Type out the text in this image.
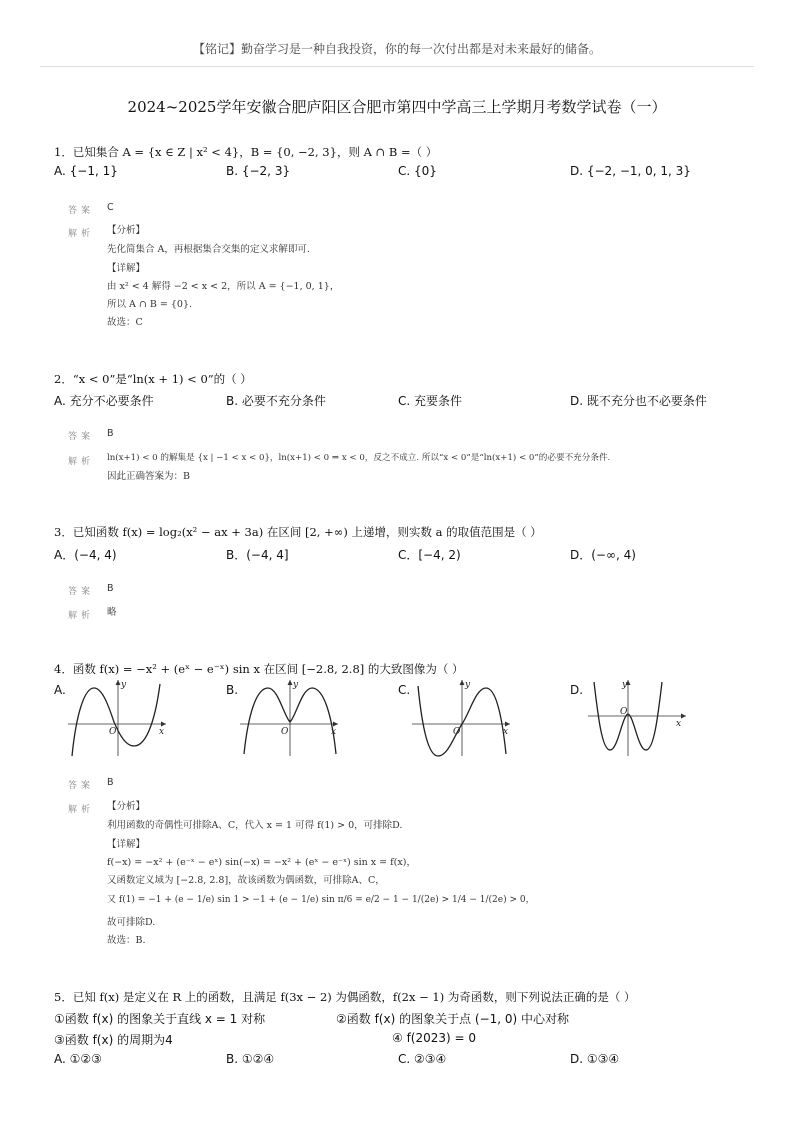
【铭记】勤奋学习是一种自我投资，你的每一次付出都是对未来最好的储备。
2024~2025学年安徽合肥庐阳区合肥市第四中学高三上学期月考数学试卷（一）
1．已知集合 A = {x ∈ Z | x² < 4}，B = {0, −2, 3}，则 A ∩ B =（ ）
A. {−1, 1}	B. {−2, 3}	C. {0}	D. {−2, −1, 0, 1, 3}
答案 C
解析 【分析】
先化简集合 A，再根据集合交集的定义求解即可.
【详解】
由 x² < 4 解得 −2 < x < 2，所以 A = {−1, 0, 1}，
所以 A ∩ B = {0}.
故选：C
2．“x < 0”是“ln(x + 1) < 0”的（ ）
A. 充分不必要条件	B. 必要不充分条件	C. 充要条件	D. 既不充分也不必要条件
答案 B
解析 ln(x+1) < 0 的解集是 {x | −1 < x < 0}，ln(x+1) < 0 ⇒ x < 0，反之不成立. 所以“x < 0”是“ln(x+1) < 0”的必要不充分条件.
因此正确答案为：B
3．已知函数 f(x) = log₂(x² − ax + 3a) 在区间 [2, +∞) 上递增，则实数 a 的取值范围是（ ）
A．(−4, 4)	B．(−4, 4]	C．[−4, 2)	D．(−∞, 4)
答案 B
解析 略
4．函数 f(x) = −x² + (eˣ − e⁻ˣ) sin x 在区间 [−2.8, 2.8] 的大致图像为（ ）
A.	B.	C.	D.
O	x
y
O	x
y
O	x
y
O
x
y
答案 B
解析 【分析】
利用函数的奇偶性可排除A、C，代入 x = 1 可得 f(1) > 0，可排除D.
【详解】
f(−x) = −x² + (e⁻ˣ − eˣ) sin(−x) = −x² + (eˣ − e⁻ˣ) sin x = f(x)，
又函数定义域为 [−2.8, 2.8]，故该函数为偶函数，可排除A、C，
又 f(1) = −1 + (e − 1/e) sin 1 > −1 + (e − 1/e) sin π/6 = e/2 − 1 − 1/(2e) > 1/4 − 1/(2e) > 0，
故可排除D.
故选：B.
5．已知 f(x) 是定义在 R 上的函数，且满足 f(3x − 2) 为偶函数，f(2x − 1) 为奇函数，则下列说法正确的是（ ）
①函数 f(x) 的图象关于直线 x = 1 对称	②函数 f(x) 的图象关于点 (−1, 0) 中心对称
③函数 f(x) 的周期为4	④ f(2023) = 0
A. ①②③	B. ①②④	C. ②③④	D. ①③④
